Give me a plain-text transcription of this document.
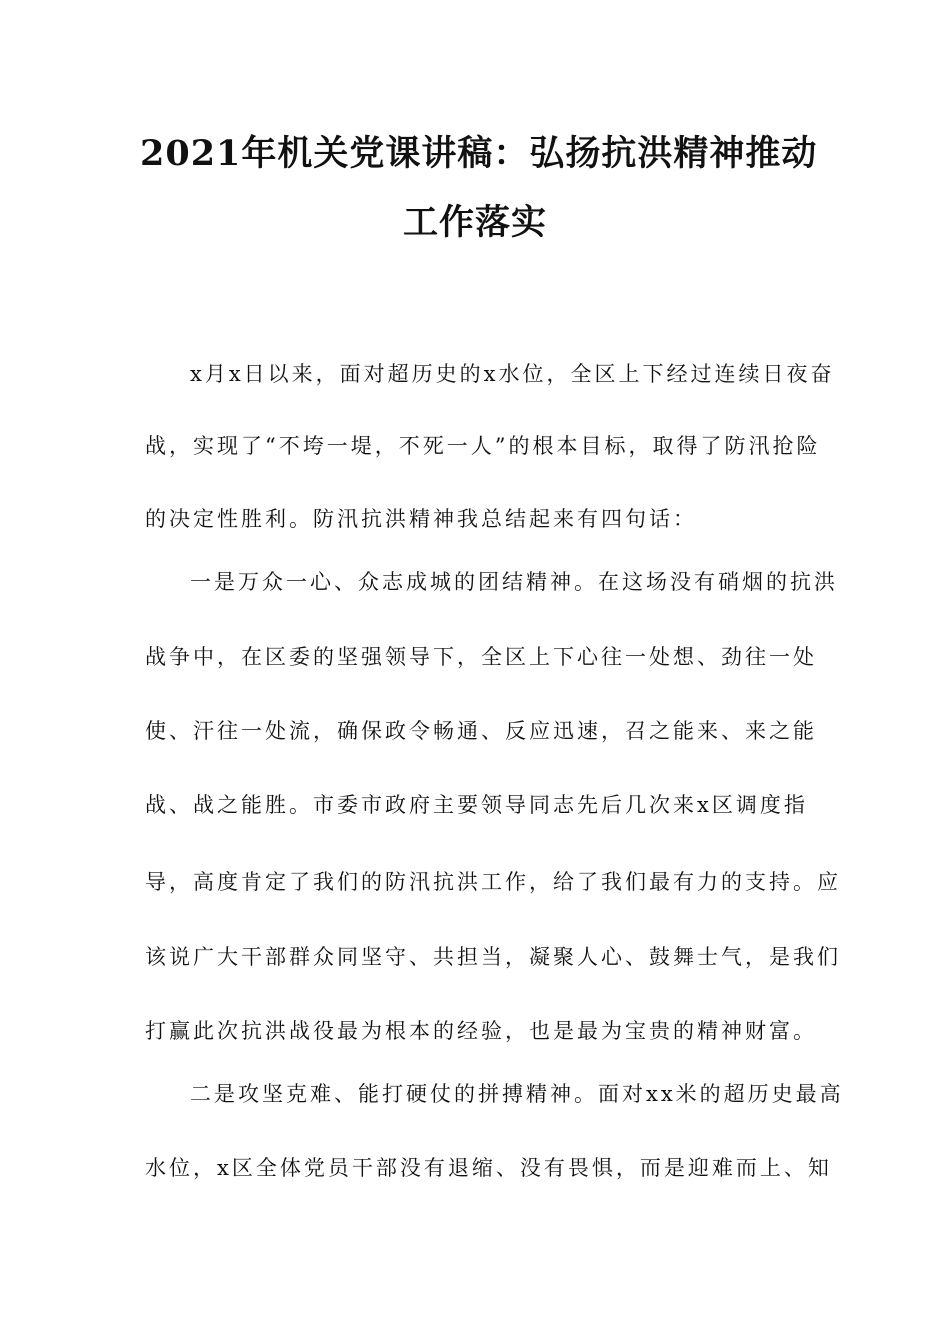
2021年机关党课讲稿：弘扬抗洪精神推动
工作落实
x月x日以来，面对超历史的x水位，全区上下经过连续日夜奋
战，实现了“不垮一堤，不死一人”的根本目标，取得了防汛抢险
的决定性胜利。防汛抗洪精神我总结起来有四句话：
一是万众一心、众志成城的团结精神。在这场没有硝烟的抗洪
战争中，在区委的坚强领导下，全区上下心往一处想、劲往一处
使、汗往一处流，确保政令畅通、反应迅速，召之能来、来之能
战、战之能胜。市委市政府主要领导同志先后几次来x区调度指
导，高度肯定了我们的防汛抗洪工作，给了我们最有力的支持。应
该说广大干部群众同坚守、共担当，凝聚人心、鼓舞士气，是我们
打赢此次抗洪战役最为根本的经验，也是最为宝贵的精神财富。
二是攻坚克难、能打硬仗的拼搏精神。面对xx米的超历史最高
水位，x区全体党员干部没有退缩、没有畏惧，而是迎难而上、知
